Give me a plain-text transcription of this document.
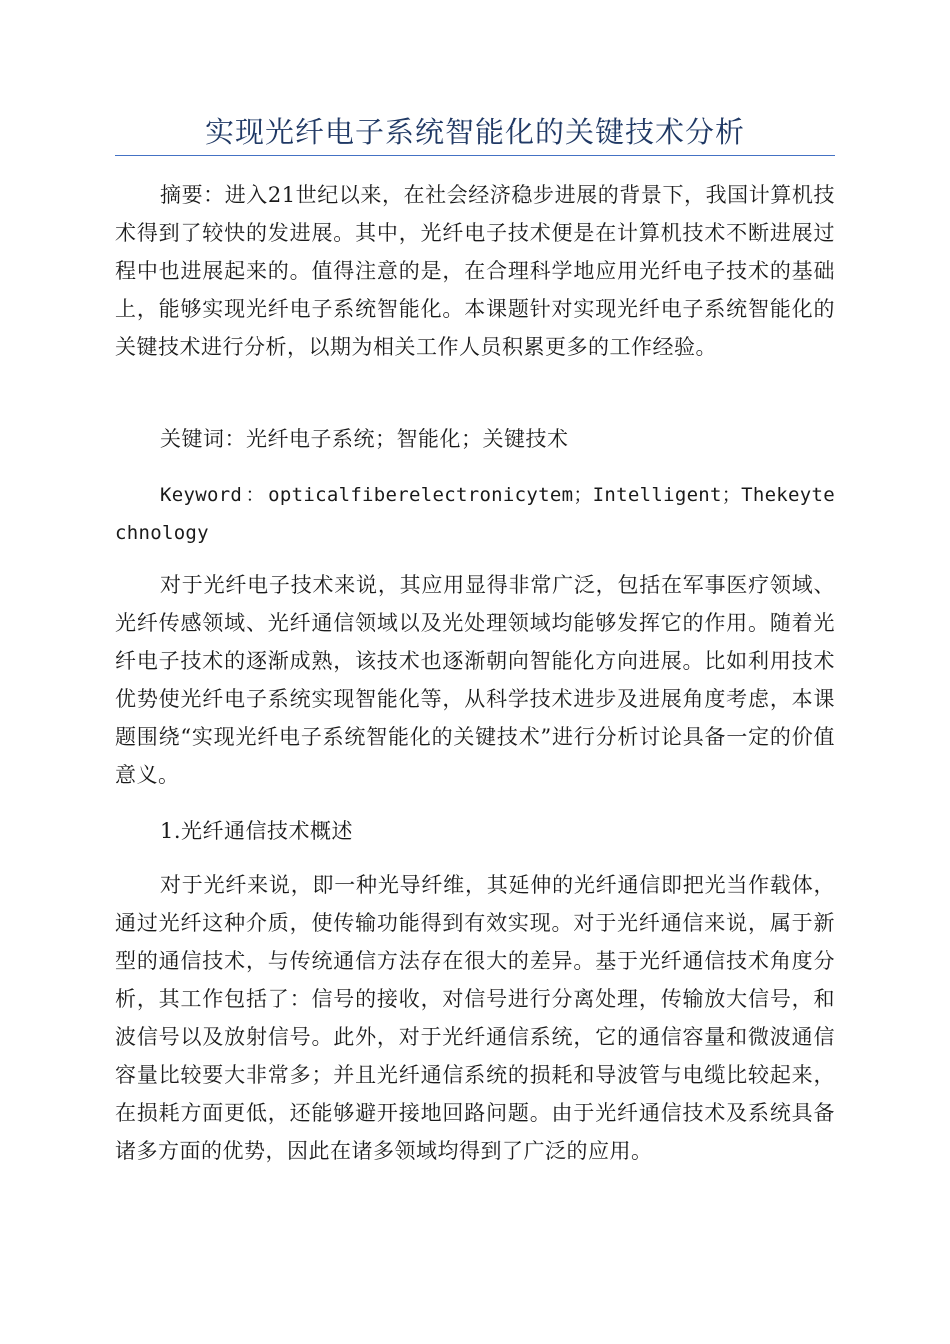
实现光纤电子系统智能化的关键技术分析

摘要：进入21世纪以来，在社会经济稳步进展的背景下，我国计算机技术得到了较快的发进展。其中，光纤电子技术便是在计算机技术不断进展过程中也进展起来的。值得注意的是，在合理科学地应用光纤电子技术的基础上，能够实现光纤电子系统智能化。本课题针对实现光纤电子系统智能化的关键技术进行分析，以期为相关工作人员积累更多的工作经验。

关键词：光纤电子系统；智能化；关键技术

Keyword：opticalfiberelectronicytem；Intelligent；Thekeytechnology

对于光纤电子技术来说，其应用显得非常广泛，包括在军事医疗领域、光纤传感领域、光纤通信领域以及光处理领域均能够发挥它的作用。随着光纤电子技术的逐渐成熟，该技术也逐渐朝向智能化方向进展。比如利用技术优势使光纤电子系统实现智能化等，从科学技术进步及进展角度考虑，本课题围绕“实现光纤电子系统智能化的关键技术”进行分析讨论具备一定的价值意义。

1.光纤通信技术概述

对于光纤来说，即一种光导纤维，其延伸的光纤通信即把光当作载体，通过光纤这种介质，使传输功能得到有效实现。对于光纤通信来说，属于新型的通信技术，与传统通信方法存在很大的差异。基于光纤通信技术角度分析，其工作包括了：信号的接收，对信号进行分离处理，传输放大信号，和波信号以及放射信号。此外，对于光纤通信系统，它的通信容量和微波通信容量比较要大非常多；并且光纤通信系统的损耗和导波管与电缆比较起来，在损耗方面更低，还能够避开接地回路问题。由于光纤通信技术及系统具备诸多方面的优势，因此在诸多领域均得到了广泛的应用。
